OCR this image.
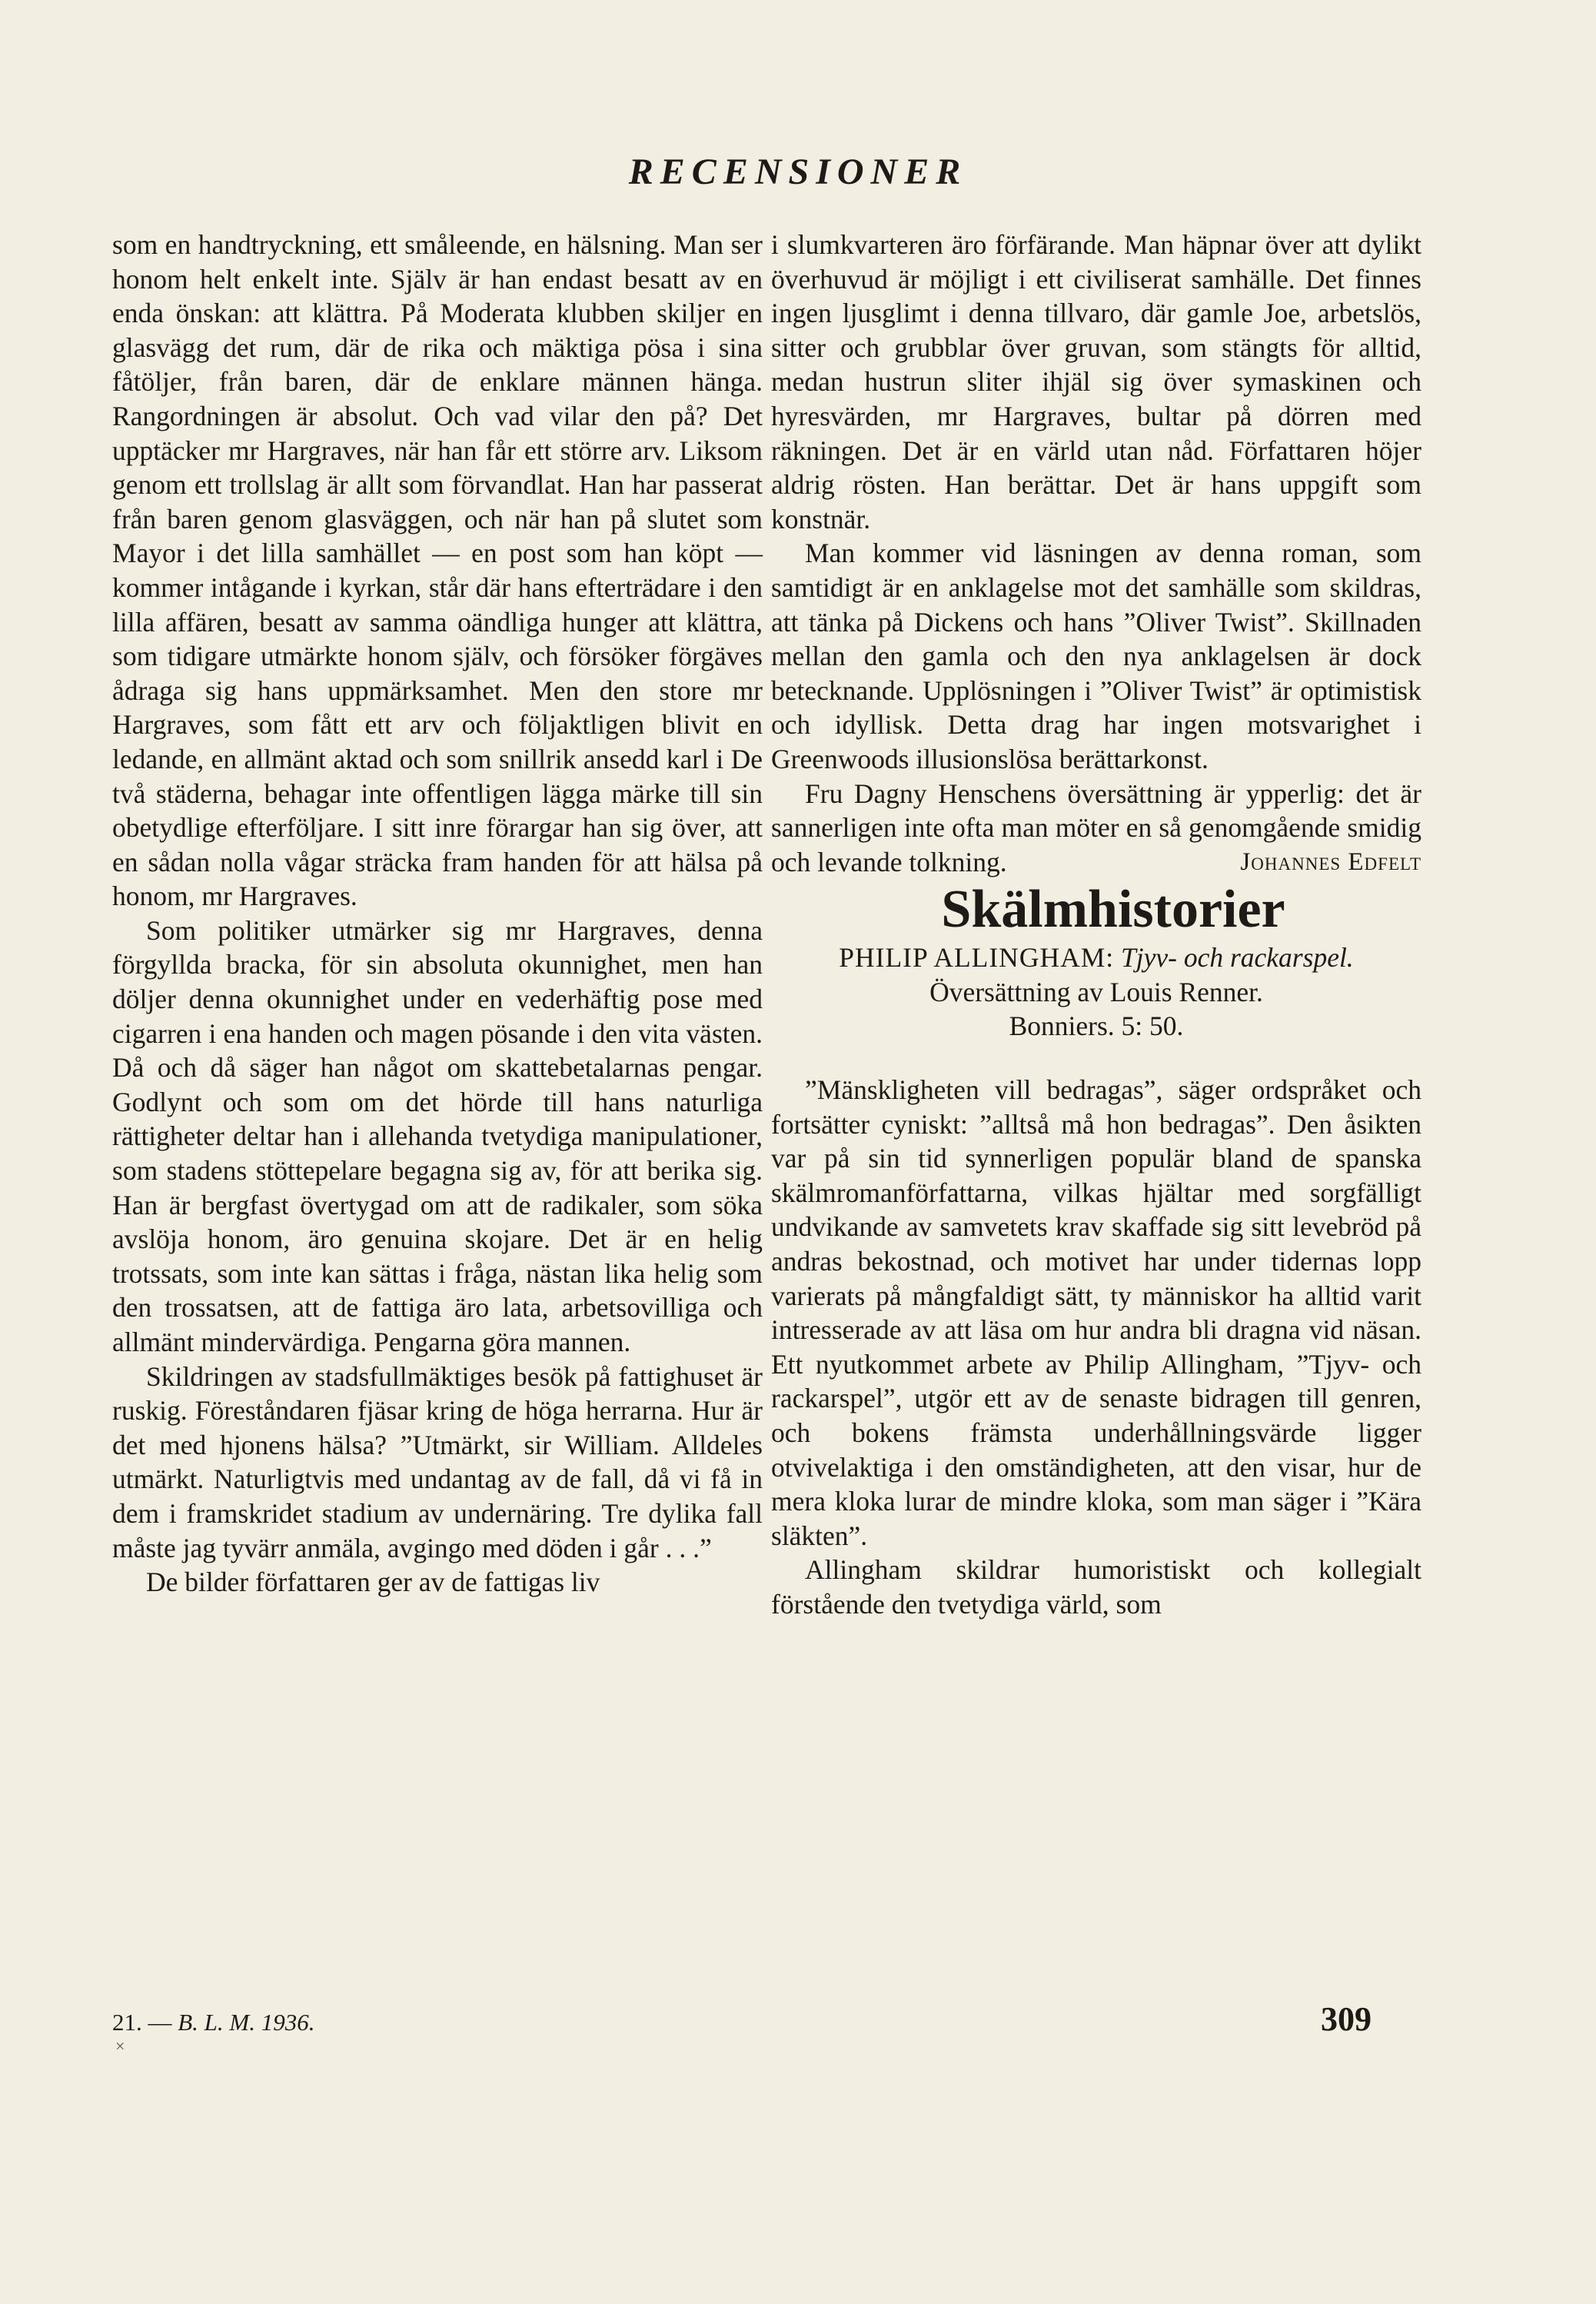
RECENSIONER

som en handtryckning, ett småleende, en hälsning. Man ser honom helt enkelt inte. Själv är han endast besatt av en enda önskan: att klättra. På Moderata klubben skiljer en glasvägg det rum, där de rika och mäktiga pösa i sina fåtöljer, från baren, där de enklare männen hänga. Rangordningen är absolut. Och vad vilar den på? Det upptäcker mr Hargraves, när han får ett större arv. Liksom genom ett trollslag är allt som förvandlat. Han har passerat från baren genom glasväggen, och när han på slutet som Mayor i det lilla samhället — en post som han köpt — kommer intågande i kyrkan, står där hans efterträdare i den lilla affären, besatt av samma oändliga hunger att klättra, som tidigare utmärkte honom själv, och försöker förgäves ådraga sig hans uppmärksamhet. Men den store mr Hargraves, som fått ett arv och följaktligen blivit en ledande, en allmänt aktad och som snillrik ansedd karl i De två städerna, behagar inte offentligen lägga märke till sin obetydlige efterföljare. I sitt inre förargar han sig över, att en sådan nolla vågar sträcka fram handen för att hälsa på honom, mr Hargraves.

Som politiker utmärker sig mr Hargraves, denna förgyllda bracka, för sin absoluta okunnighet, men han döljer denna okunnighet under en vederhäftig pose med cigarren i ena handen och magen pösande i den vita västen. Då och då säger han något om skattebetalarnas pengar. Godlynt och som om det hörde till hans naturliga rättigheter deltar han i allehanda tvetydiga manipulationer, som stadens stöttepelare begagna sig av, för att berika sig. Han är bergfast övertygad om att de radikaler, som söka avslöja honom, äro genuina skojare. Det är en helig trotssats, som inte kan sättas i fråga, nästan lika helig som den trossatsen, att de fattiga äro lata, arbetsovilliga och allmänt mindervärdiga. Pengarna göra mannen.

Skildringen av stadsfullmäktiges besök på fattighuset är ruskig. Föreståndaren fjäsar kring de höga herrarna. Hur är det med hjonens hälsa? ”Utmärkt, sir William. Alldeles utmärkt. Naturligtvis med undantag av de fall, då vi få in dem i framskridet stadium av undernäring. Tre dylika fall måste jag tyvärr anmäla, avgingo med döden i går . . .”

De bilder författaren ger av de fattigas liv

i slumkvarteren äro förfärande. Man häpnar över att dylikt överhuvud är möjligt i ett civiliserat samhälle. Det finnes ingen ljusglimt i denna tillvaro, där gamle Joe, arbetslös, sitter och grubblar över gruvan, som stängts för alltid, medan hustrun sliter ihjäl sig över symaskinen och hyresvärden, mr Hargraves, bultar på dörren med räkningen. Det är en värld utan nåd. Författaren höjer aldrig rösten. Han berättar. Det är hans uppgift som konstnär.

Man kommer vid läsningen av denna roman, som samtidigt är en anklagelse mot det samhälle som skildras, att tänka på Dickens och hans ”Oliver Twist”. Skillnaden mellan den gamla och den nya anklagelsen är dock betecknande. Upplösningen i ”Oliver Twist” är optimistisk och idyllisk. Detta drag har ingen motsvarighet i Greenwoods illusionslösa berättarkonst.

Fru Dagny Henschens översättning är ypperlig: det är sannerligen inte ofta man möter en så genomgående smidig och levande tolkning.	Johannes Edfelt

Skälmhistorier

PHILIP ALLINGHAM: Tjyv- och rackarspel.
Översättning av Louis Renner.
Bonniers. 5: 50.

”Mänskligheten vill bedragas”, säger ordspråket och fortsätter cyniskt: ”alltså må hon bedragas”. Den åsikten var på sin tid synnerligen populär bland de spanska skälmromanförfattarna, vilkas hjältar med sorgfälligt undvikande av samvetets krav skaffade sig sitt levebröd på andras bekostnad, och motivet har under tidernas lopp varierats på mångfaldigt sätt, ty människor ha alltid varit intresserade av att läsa om hur andra bli dragna vid näsan. Ett nyutkommet arbete av Philip Allingham, ”Tjyv- och rackarspel”, utgör ett av de senaste bidragen till genren, och bokens främsta underhållningsvärde ligger otvivelaktiga i den omständigheten, att den visar, hur de mera kloka lurar de mindre kloka, som man säger i ”Kära släkten”.

Allingham skildrar humoristiskt och kollegialt förstående den tvetydiga värld, som

21. — B. L. M. 1936.
×
309
